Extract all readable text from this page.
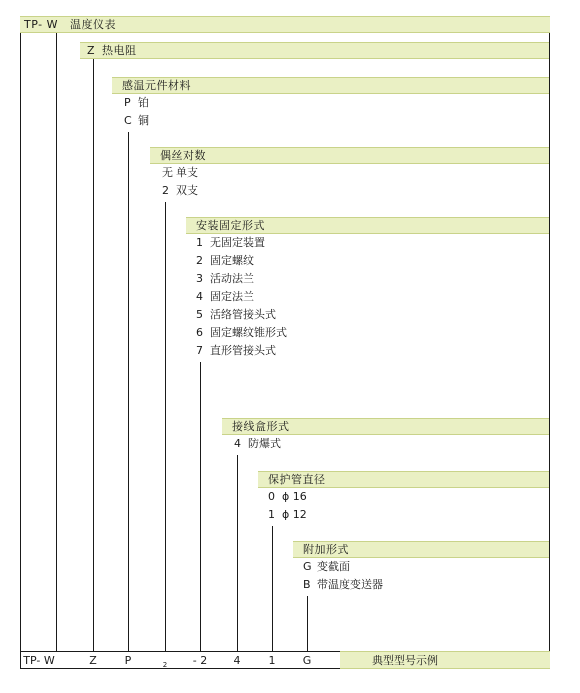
TP- W 温度仪表
Z 热电阻
感温元件材料
P 铂
C 铜
偶丝对数
无 单支
2 双支
安装固定形式
1 无固定装置
2 固定螺纹
3 活动法兰
4 固定法兰
5 活络管接头式
6 固定螺纹锥形式
7 直形管接头式
接线盒形式
4 防爆式
保护管直径
0 ϕ 16
1 ϕ 12
附加形式
G 变截面
B 带温度变送器
TP- W	Z	P	$_2$	- 2	4	1	G	典型型号示例
